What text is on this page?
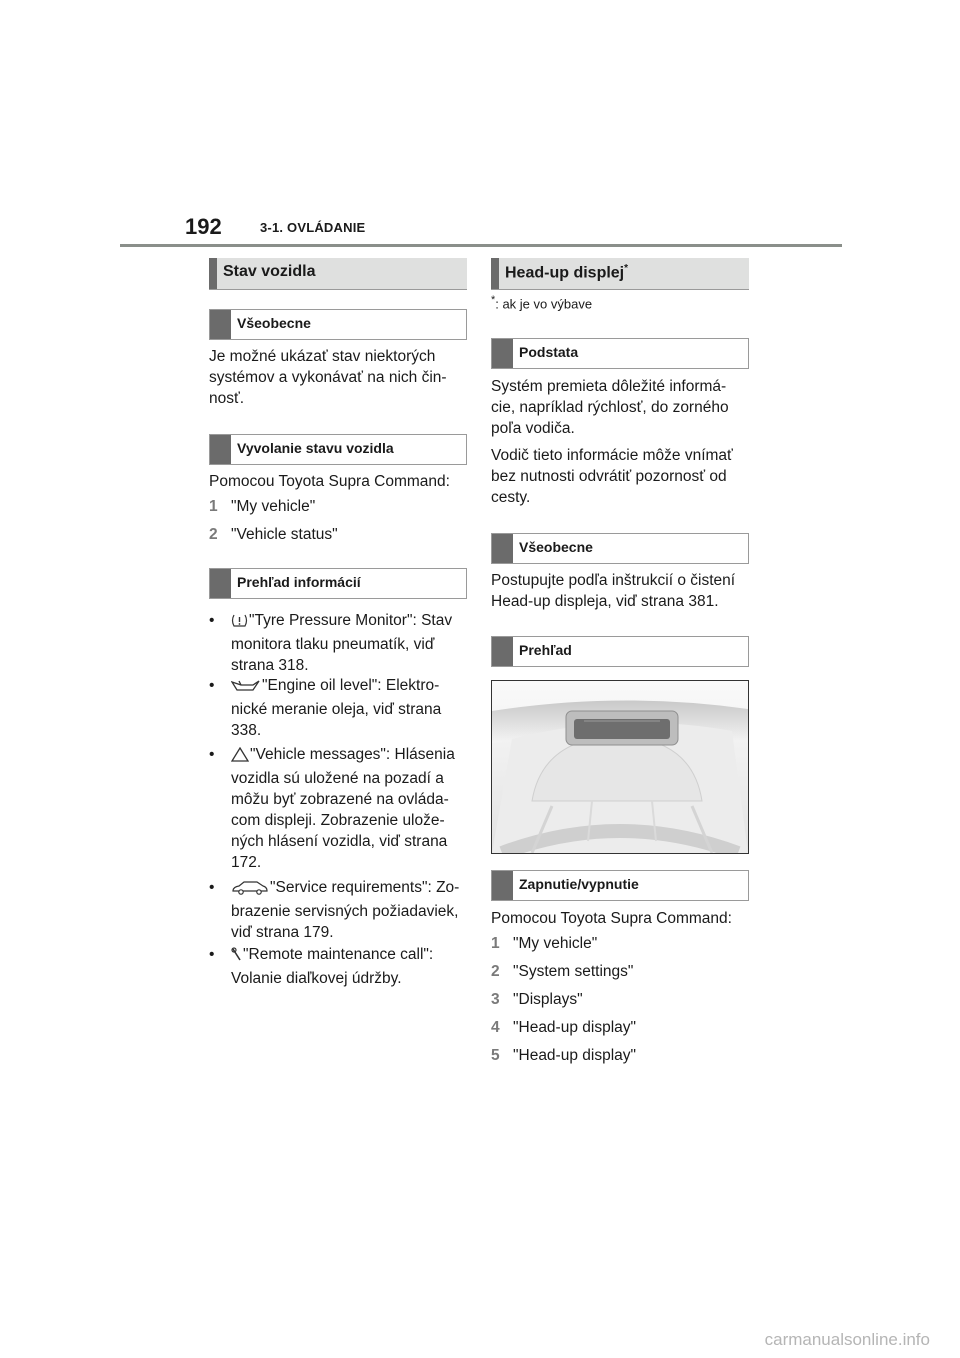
192	3-1. OVLÁDANIE
Stav vozidla
Všeobecne
Je možné ukázať stav niektorých systémov a vykonávať na nich čin- nosť.
Vyvolanie stavu vozidla
Pomocou Toyota Supra Command:
1 "My vehicle"
2 "Vehicle status"
Prehľad informácií
•	"Tyre Pressure Monitor": Stav monitora tlaku pneumatík, viď strana 318.
•	"Engine oil level": Elektro- nické meranie oleja, viď strana 338.
•	"Vehicle messages": Hlásenia vozidla sú uložené na pozadí a môžu byť zobrazené na ovláda- com displeji. Zobrazenie ulože- ných hlásení vozidla, viď strana 172.
•	"Service requirements": Zo- brazenie servisných požiadaviek, viď strana 179.
•	"Remote maintenance call": Volanie diaľkovej údržby.
Head-up displej*
*: ak je vo výbave
Podstata
Systém premieta dôležité informá- cie, napríklad rýchlosť, do zorného poľa vodiča.
Vodič tieto informácie môže vnímať bez nutnosti odvrátiť pozornosť od cesty.
Všeobecne
Postupujte podľa inštrukcií o čistení Head-up displeja, viď strana 381.
Prehľad
Zapnutie/vypnutie
Pomocou Toyota Supra Command:
1 "My vehicle"
2 "System settings"
3 "Displays"
4 "Head-up display"
5 "Head-up display"
carmanualsonline.info
